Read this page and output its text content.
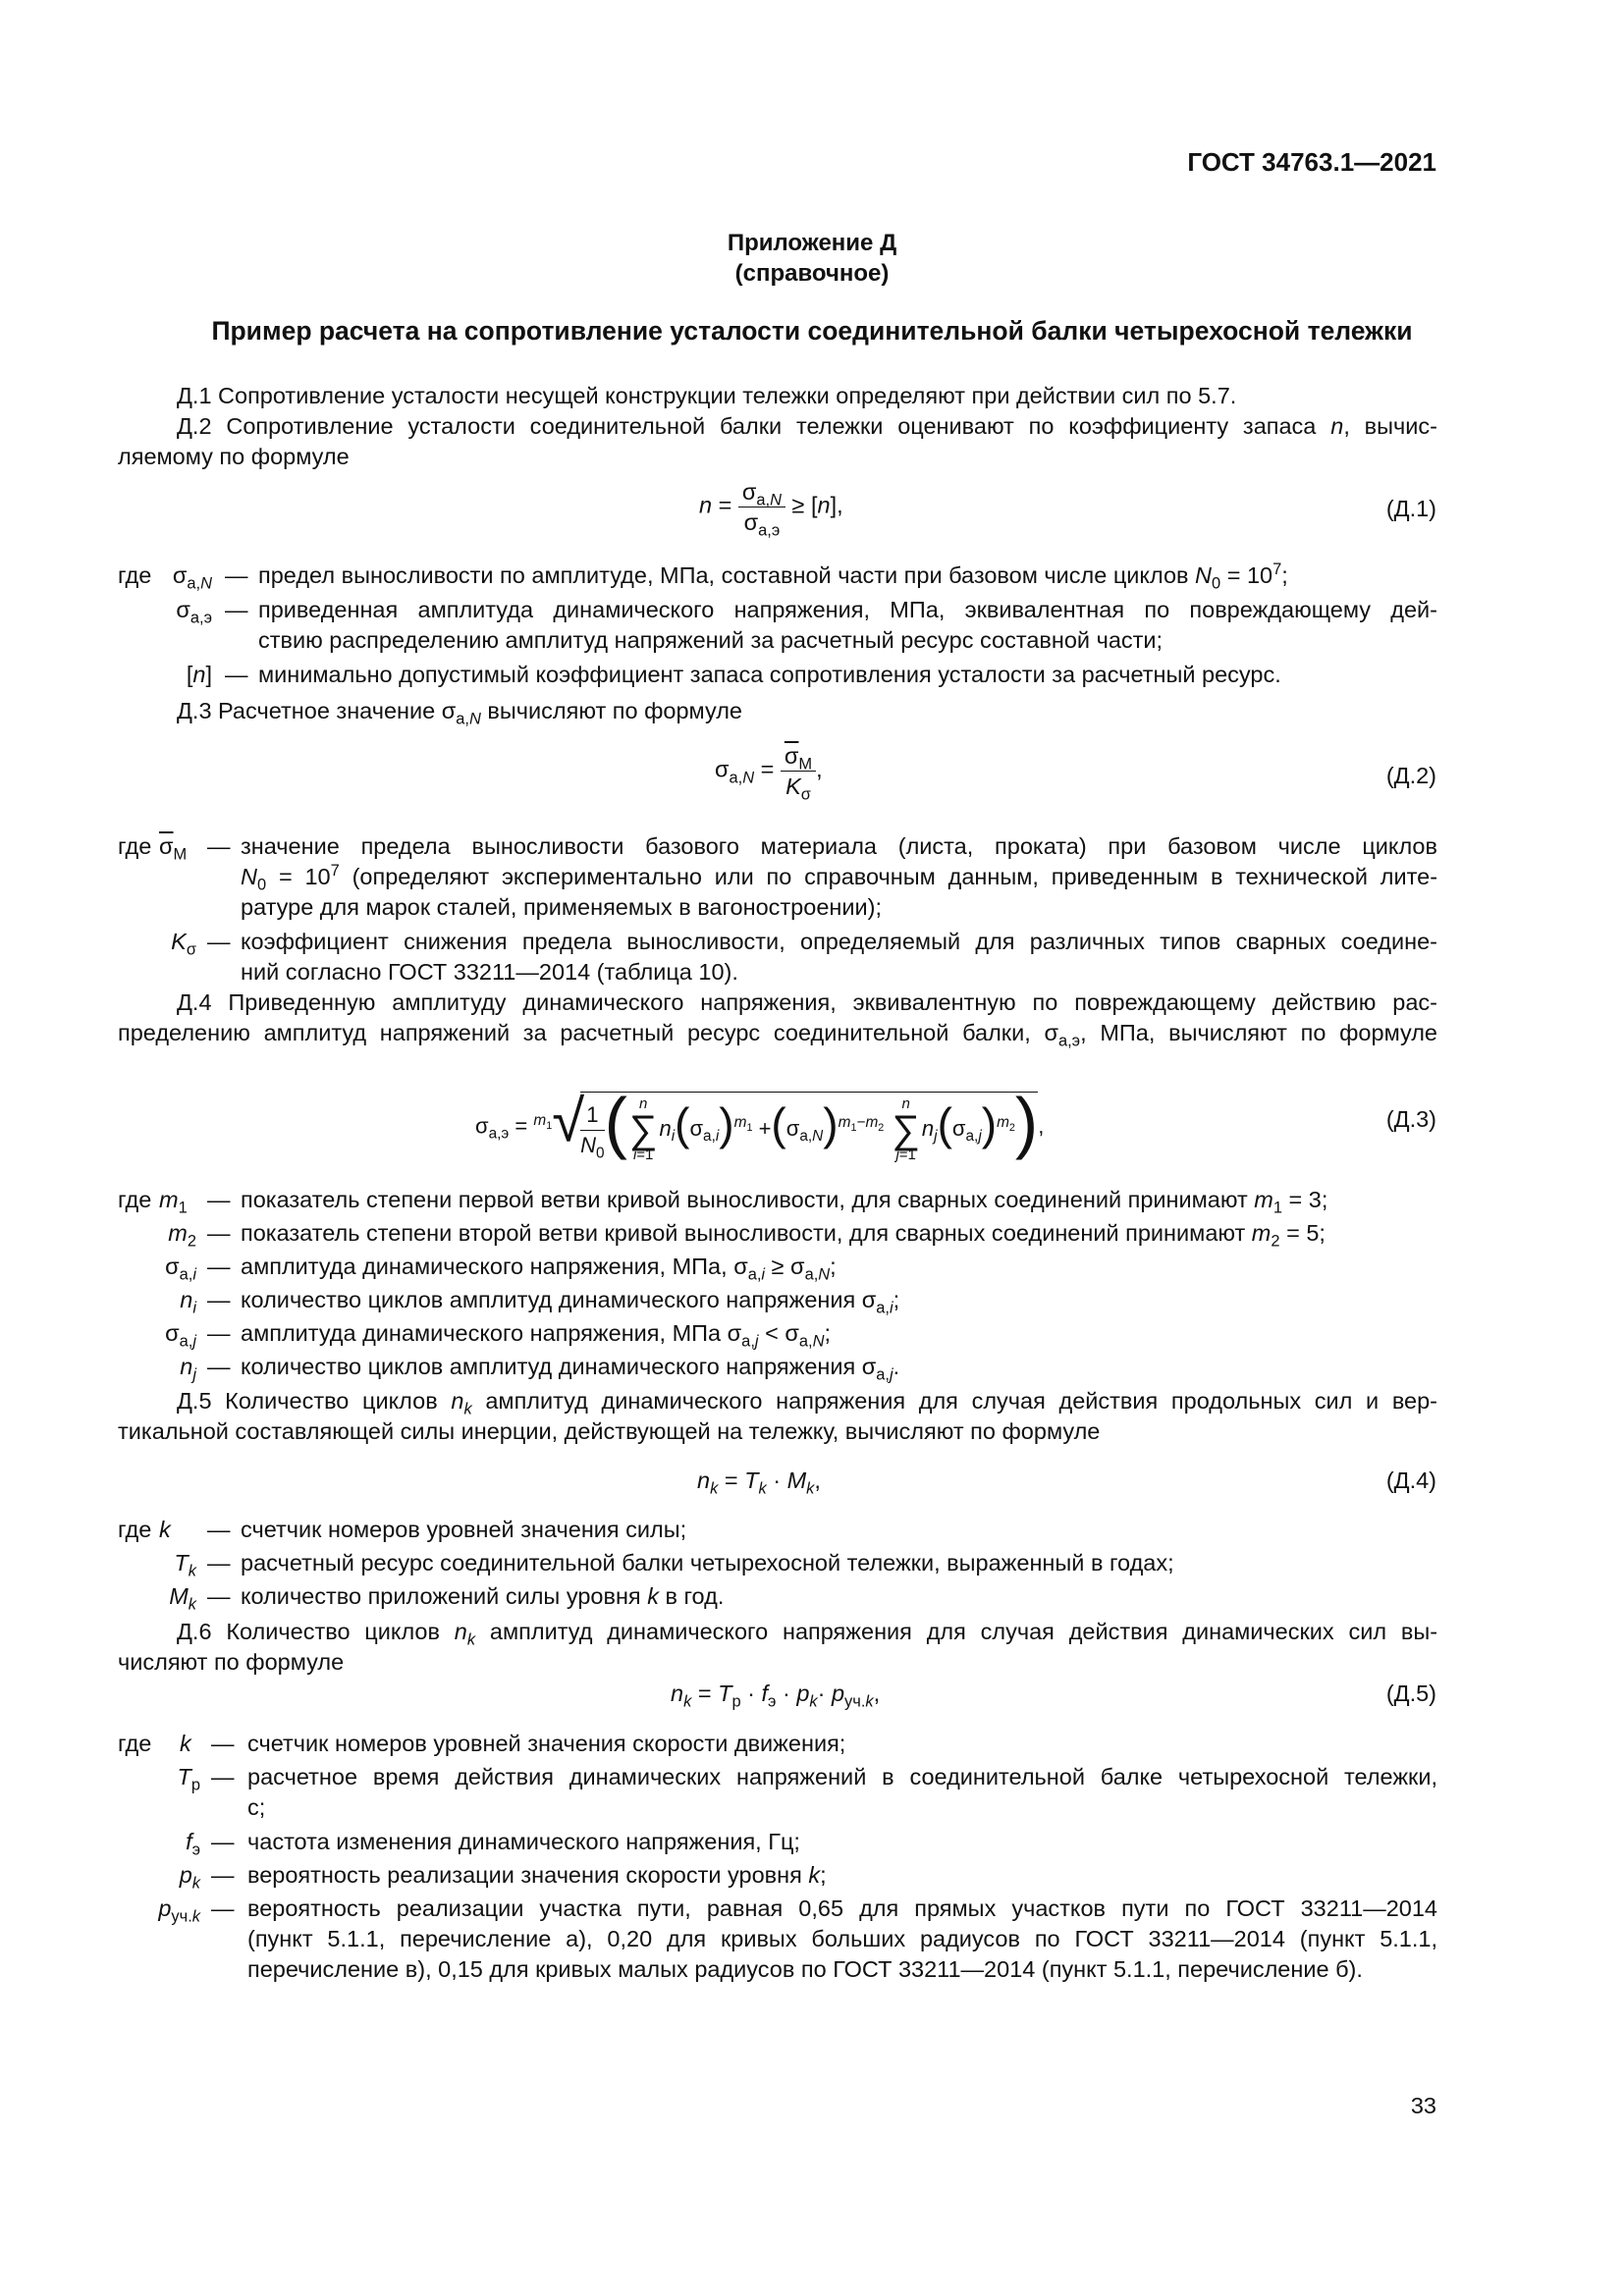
ГОСТ 34763.1—2021
Приложение Д
(справочное)
Пример расчета на сопротивление усталости соединительной балки четырехосной тележки
Д.1 Сопротивление усталости несущей конструкции тележки определяют при действии сил по 5.7.
Д.2 Сопротивление усталости соединительной балки тележки оценивают по коэффициенту запаса n, вычис-
ляемому по формуле
$n = \frac{\sigma_{а,N}}{\sigma_{а,э}} \ge [n]$,	(Д.1)
где $\sigma_{а,N}$ — предел выносливости по амплитуде, МПа, составной части при базовом числе циклов $N_0 = 10^7$;
$\sigma_{а,э}$ — приведенная амплитуда динамического напряжения, МПа, эквивалентная по повреждающему дей-
ствию распределению амплитуд напряжений за расчетный ресурс составной части;
[n] — минимально допустимый коэффициент запаса сопротивления усталости за расчетный ресурс.
Д.3 Расчетное значение $\sigma_{а,N}$ вычисляют по формуле
$\sigma_{а,N} = \frac{\overline{\sigma}_М}{K_\sigma}$ ,	(Д.2)
где $\overline{\sigma}_М$ — значение предела выносливости базового материала (листа, проката) при базовом числе циклов
$N_0 = 10^7$ (определяют экспериментально или по справочным данным, приведенным в технической лите-
ратуре для марок сталей, применяемых в вагоностроении);
$K_\sigma$ — коэффициент снижения предела выносливости, определяемый для различных типов сварных соедине-
ний согласно ГОСТ 33211—2014 (таблица 10).
Д.4 Приведенную амплитуду динамического напряжения, эквивалентную по повреждающему действию рас-
пределению амплитуд напряжений за расчетный ресурс соединительной балки, $\sigma_{а,э}$, МПа, вычисляют по формуле
$\sigma_{а,э} = ^{m_1}√$
$\frac{1}{N_0}$ ( n
∑
$i=1n_i(\sigma_{а,i})^{m_1} +(\sigma_{а,N})^{m_1-m_2}$ n
∑
$j=1n_j(\sigma_{а,j})^{m_2}$),	(Д.3)
где $m_1$ — показатель степени первой ветви кривой выносливости, для сварных соединений принимают $m_1 = 3$;
$m_2$ — показатель степени второй ветви кривой выносливости, для сварных соединений принимают $m_2 = 5$;
$\sigma_{а,i}$ — амплитуда динамического напряжения, МПа, $\sigma_{а,i} \ge \sigma_{а,N}$;
$n_i$ — количество циклов амплитуд динамического напряжения $\sigma_{а,i}$;
$\sigma_{а,j}$ — амплитуда динамического напряжения, МПа $\sigma_{а,j} < \sigma_{а,N}$;
$n_j$ — количество циклов амплитуд динамического напряжения $\sigma_{а,j}$.
Д.5 Количество циклов $n_k$ амплитуд динамического напряжения для случая действия продольных сил и вер-
тикальной составляющей силы инерции, действующей на тележку, вычисляют по формуле
$n_k = T_k \cdot M_k$,	(Д.4)
где k — счетчик номеров уровней значения силы;
$T_k$ — расчетный ресурс соединительной балки четырехосной тележки, выраженный в годах;
$M_k$ — количество приложений силы уровня k в год.
Д.6 Количество циклов $n_k$ амплитуд динамического напряжения для случая действия динамических сил вы-
числяют по формуле
$n_k = T_р \cdot f_э \cdot p_k\cdot p_{уч.k}$,	(Д.5)
где k — счетчик номеров уровней значения скорости движения;
$T_р$ — расчетное время действия динамических напряжений в соединительной балке четырехосной тележки,
с;
$f_э$ — частота изменения динамического напряжения, Гц;
$p_k$ — вероятность реализации значения скорости уровня k;
$p_{уч.k}$ — вероятность реализации участка пути, равная 0,65 для прямых участков пути по ГОСТ 33211—2014
(пункт 5.1.1, перечисление а), 0,20 для кривых больших радиусов по ГОСТ 33211—2014 (пункт 5.1.1,
перечисление в), 0,15 для кривых малых радиусов по ГОСТ 33211—2014 (пункт 5.1.1, перечисление б).
33
